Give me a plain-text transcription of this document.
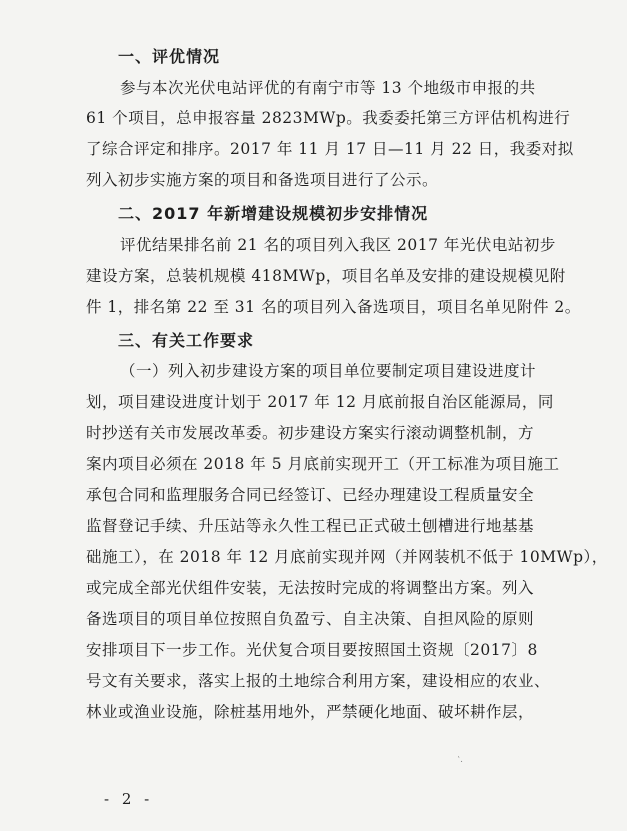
一、评优情况
参与本次光伏电站评优的有南宁市等 13 个地级市申报的共
61 个项目，总申报容量 2823MWp。我委委托第三方评估机构进行
了综合评定和排序。2017 年 11 月 17 日—11 月 22 日，我委对拟
列入初步实施方案的项目和备选项目进行了公示。
二、2017 年新增建设规模初步安排情况
评优结果排名前 21 名的项目列入我区 2017 年光伏电站初步
建设方案，总装机规模 418MWp，项目名单及安排的建设规模见附
件 1，排名第 22 至 31 名的项目列入备选项目，项目名单见附件 2。
三、有关工作要求
（一）列入初步建设方案的项目单位要制定项目建设进度计
划，项目建设进度计划于 2017 年 12 月底前报自治区能源局，同
时抄送有关市发展改革委。初步建设方案实行滚动调整机制，方
案内项目必须在 2018 年 5 月底前实现开工（开工标准为项目施工
承包合同和监理服务合同已经签订、已经办理建设工程质量安全
监督登记手续、升压站等永久性工程已正式破土刨槽进行地基基
础施工），在 2018 年 12 月底前实现并网（并网装机不低于 10MWp），
或完成全部光伏组件安装，无法按时完成的将调整出方案。列入
备选项目的项目单位按照自负盈亏、自主决策、自担风险的原则
安排项目下一步工作。光伏复合项目要按照国土资规〔2017〕8
号文有关要求，落实上报的土地综合利用方案，建设相应的农业、
林业或渔业设施，除桩基用地外，严禁硬化地面、破坏耕作层，
ˋ·
- 2 -
